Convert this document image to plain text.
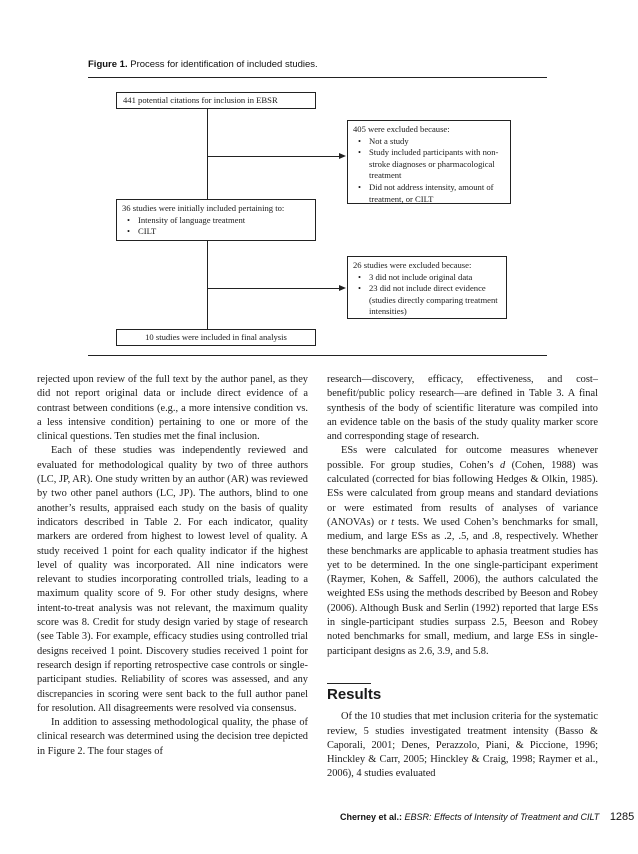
Figure 1. Process for identification of included studies.
441 potential citations for inclusion in EBSR
405 were excluded because:
• Not a study
• Study included participants with non-stroke diagnoses or pharmacological treatment
• Did not address intensity, amount of treatment, or CILT
36 studies were initially included pertaining to:
• Intensity of language treatment
• CILT
26 studies were excluded because:
• 3 did not include original data
• 23 did not include direct evidence (studies directly comparing treatment intensities)
10 studies were included in final analysis

rejected upon review of the full text by the author panel, as they did not report original data or include direct evidence of a contrast between conditions (e.g., a more intensive condition vs. a less intensive condition) pertaining to one or more of the clinical questions. Ten studies met the final inclusion.

Each of these studies was independently reviewed and evaluated for methodological quality by two of three authors (LC, JP, AR). One study written by an author (AR) was reviewed by two other panel authors (LC, JP). The authors, blind to one another’s results, appraised each study on the basis of quality indicators described in Table 2. For each indicator, quality markers are ordered from highest to lowest level of quality. A study received 1 point for each quality indicator if the highest level of quality was incorporated. All nine indicators were relevant to studies incorporating controlled trials, leading to a maximum quality score of 9. For other study designs, where intent-to-treat analysis was not relevant, the maximum quality score was 8. Credit for study design varied by stage of research (see Table 3). For example, efficacy studies using controlled trial designs received 1 point. Discovery studies received 1 point for research design if reporting retrospective case controls or single-participant studies. Reliability of scores was assessed, and any discrepancies in scoring were sent back to the full author panel for resolution. All disagreements were resolved via consensus.

In addition to assessing methodological quality, the phase of clinical research was determined using the decision tree depicted in Figure 2. The four stages of

research—discovery, efficacy, effectiveness, and cost–benefit/public policy research—are defined in Table 3. A final synthesis of the body of scientific literature was compiled into an evidence table on the basis of the study quality marker score and corresponding stage of research.

ESs were calculated for outcome measures whenever possible. For group studies, Cohen’s d (Cohen, 1988) was calculated (corrected for bias following Hedges & Olkin, 1985). ESs were calculated from group means and standard deviations or were estimated from results of analyses of variance (ANOVAs) or t tests. We used Cohen’s benchmarks for small, medium, and large ESs as .2, .5, and .8, respectively. Whether these benchmarks are applicable to aphasia treatment studies has yet to be determined. In the one single-participant experiment (Raymer, Kohen, & Saffell, 2006), the authors calculated the weighted ESs using the methods described by Beeson and Robey (2006). Although Busk and Serlin (1992) reported that large ESs in single-participant studies surpass 2.5, Beeson and Robey noted benchmarks for small, medium, and large ESs in single-participant designs as 2.6, 3.9, and 5.8.

Results

Of the 10 studies that met inclusion criteria for the systematic review, 5 studies investigated treatment intensity (Basso & Caporali, 2001; Denes, Perazzolo, Piani, & Piccione, 1996; Hinckley & Carr, 2005; Hinckley & Craig, 1998; Raymer et al., 2006), 4 studies evaluated

Cherney et al.: EBSR: Effects of Intensity of Treatment and CILT 1285
